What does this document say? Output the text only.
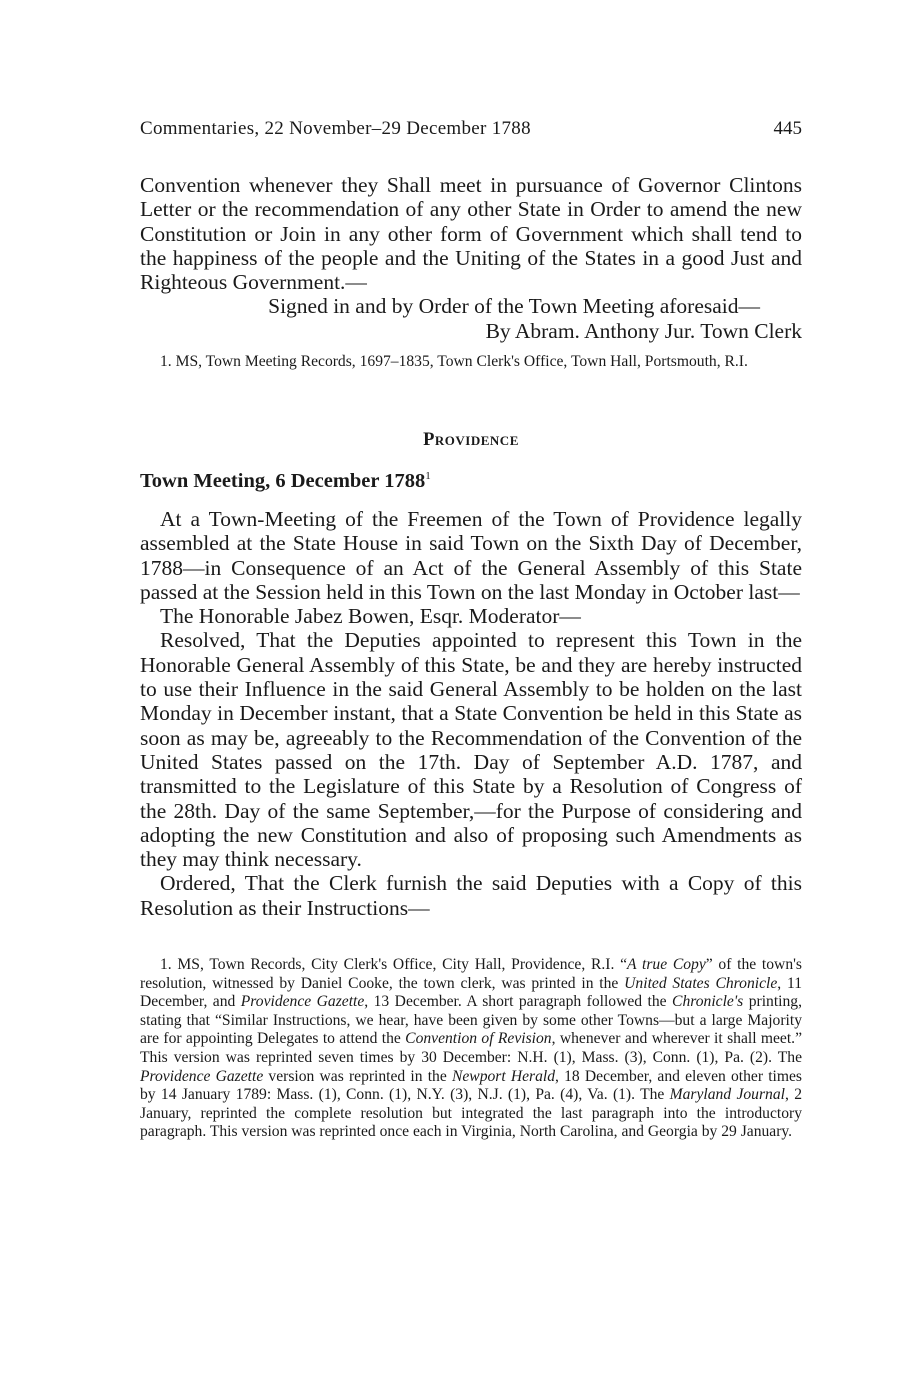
Commentaries, 22 November–29 December 1788	445

Convention whenever they Shall meet in pursuance of Governor Clintons Letter or the recommendation of any other State in Order to amend the new Constitution or Join in any other form of Government which shall tend to the happiness of the people and the Uniting of the States in a good Just and Righteous Government.—

Signed in and by Order of the Town Meeting aforesaid—

By Abram. Anthony Jur. Town Clerk

1. MS, Town Meeting Records, 1697–1835, Town Clerk's Office, Town Hall, Portsmouth, R.I.

Providence
Town Meeting, 6 December 1788$^1$

At a Town-Meeting of the Freemen of the Town of Providence legally assembled at the State House in said Town on the Sixth Day of December, 1788—in Consequence of an Act of the General Assembly of this State passed at the Session held in this Town on the last Monday in October last—

The Honorable Jabez Bowen, Esqr. Moderator—

Resolved, That the Deputies appointed to represent this Town in the Honorable General Assembly of this State, be and they are hereby instructed to use their Influence in the said General Assembly to be holden on the last Monday in December instant, that a State Convention be held in this State as soon as may be, agreeably to the Recommendation of the Convention of the United States passed on the 17th. Day of September A.D. 1787, and transmitted to the Legislature of this State by a Resolution of Congress of the 28th. Day of the same September,—for the Purpose of considering and adopting the new Constitution and also of proposing such Amendments as they may think necessary.

Ordered, That the Clerk furnish the said Deputies with a Copy of this Resolution as their Instructions—

1. MS, Town Records, City Clerk's Office, City Hall, Providence, R.I. “A true Copy” of the town's resolution, witnessed by Daniel Cooke, the town clerk, was printed in the United States Chronicle, 11 December, and Providence Gazette, 13 December. A short paragraph followed the Chronicle's printing, stating that “Similar Instructions, we hear, have been given by some other Towns—but a large Majority are for appointing Delegates to attend the Convention of Revision, whenever and wherever it shall meet.” This version was reprinted seven times by 30 December: N.H. (1), Mass. (3), Conn. (1), Pa. (2). The Providence Gazette version was reprinted in the Newport Herald, 18 December, and eleven other times by 14 January 1789: Mass. (1), Conn. (1), N.Y. (3), N.J. (1), Pa. (4), Va. (1). The Maryland Journal, 2 January, reprinted the complete resolution but integrated the last paragraph into the introductory paragraph. This version was reprinted once each in Virginia, North Carolina, and Georgia by 29 January.
